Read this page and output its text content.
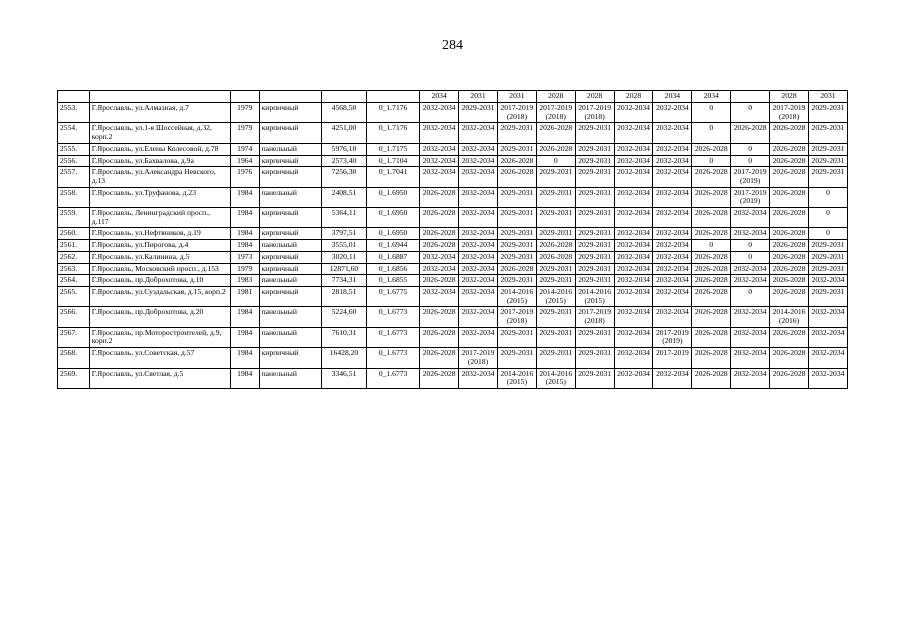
284
						2034	2031	2031	2028	2028	2028	2034	2034		2028	2031
2553.	Г.Ярославль, ул.Алмазная, д.7	1979	кирпичный	4568,50	0_1.7176	2032-2034	2029-2031	2017-2019 (2018)	2017-2019 (2018)	2017-2019 (2018)	2032-2034	2032-2034	0	0	2017-2019 (2018)	2029-2031
2554.	Г.Ярославль, ул.1-я Шоссейная, д.32, корп.2	1979	кирпичный	4251,00	0_1.7176	2032-2034	2032-2034	2029-2031	2026-2028	2029-2031	2032-2034	2032-2034	0	2026-2028	2026-2028	2029-2031
2555.	Г.Ярославль, ул.Елены Колесовой, д.78	1974	панельный	5976,10	0_1.7175	2032-2034	2032-2034	2029-2031	2026-2028	2029-2031	2032-2034	2032-2034	2026-2028	0	2026-2028	2029-2031
2556.	Г.Ярославль, ул.Бахвалова, д.9а	1964	кирпичный	2573,40	0_1.7104	2032-2034	2032-2034	2026-2028	0	2029-2031	2032-2034	2032-2034	0	0	2026-2028	2029-2031
2557.	Г.Ярославль, ул.Александра Невского, д.13	1976	кирпичный	7256,30	0_1.7041	2032-2034	2032-2034	2026-2028	2029-2031	2029-2031	2032-2034	2032-2034	2026-2028	2017-2019 (2019)	2026-2028	2029-2031
2558.	Г.Ярославль, ул.Труфанова, д.23	1984	панельный	2408,51	0_1.6950	2026-2028	2032-2034	2029-2031	2029-2031	2029-2031	2032-2034	2032-2034	2026-2028	2017-2019 (2019)	2026-2028	0
2559.	Г.Ярославль, Ленинградский просп., д.117	1984	кирпичный	5364,11	0_1.6950	2026-2028	2032-2034	2029-2031	2029-2031	2029-2031	2032-2034	2032-2034	2026-2028	2032-2034	2026-2028	0
2560.	Г.Ярославль, ул.Нефтяников, д.19	1984	кирпичный	3797,51	0_1.6950	2026-2028	2032-2034	2029-2031	2029-2031	2029-2031	2032-2034	2032-2034	2026-2028	2032-2034	2026-2028	0
2561.	Г.Ярославль, ул.Пирогова, д.4	1984	панельный	3555,01	0_1.6944	2026-2028	2032-2034	2029-2031	2026-2028	2029-2031	2032-2034	2032-2034	0	0	2026-2028	2029-2031
2562.	Г.Ярославль, ул.Калинина, д.5	1973	кирпичный	3020,11	0_1.6887	2032-2034	2032-2034	2029-2031	2026-2028	2029-2031	2032-2034	2032-2034	2026-2028	0	2026-2028	2029-2031
2563.	Г.Ярославль, Московский просп., д.153	1979	кирпичный	12871,60	0_1.6856	2032-2034	2032-2034	2026-2028	2029-2031	2029-2031	2032-2034	2032-2034	2026-2028	2032-2034	2026-2028	2029-2031
2564.	Г.Ярославль, пр.Доброхотова, д.10	1983	панельный	7734,31	0_1.6855	2026-2028	2032-2034	2029-2031	2029-2031	2029-2031	2032-2034	2032-2034	2026-2028	2032-2034	2026-2028	2032-2034
2565.	Г.Ярославль, ул.Суздальская, д.15, корп.2	1981	кирпичный	2818,51	0_1.6775	2032-2034	2032-2034	2014-2016 (2015)	2014-2016 (2015)	2014-2016 (2015)	2032-2034	2032-2034	2026-2028	0	2026-2028	2029-2031
2566.	Г.Ярославль, пр.Доброхотова, д.20	1984	панельный	5224,60	0_1.6773	2026-2028	2032-2034	2017-2019 (2018)	2029-2031	2017-2019 (2018)	2032-2034	2032-2034	2026-2028	2032-2034	2014-2016 (2016)	2032-2034
2567.	Г.Ярославль, пр.Моторостроителей, д.9, корп.2	1984	панельный	7610,31	0_1.6773	2026-2028	2032-2034	2029-2031	2029-2031	2029-2031	2032-2034	2017-2019 (2019)	2026-2028	2032-2034	2026-2028	2032-2034
2568.	Г.Ярославль, ул.Советская, д.57	1984	кирпичный	16428,20	0_1.6773	2026-2028	2017-2019 (2018)	2029-2031	2029-2031	2029-2031	2032-2034	2017-2019	2026-2028	2032-2034	2026-2028	2032-2034
2569.	Г.Ярославль, ул.Светлая, д.5	1984	панельный	3346,51	0_1.6773	2026-2028	2032-2034	2014-2016 (2015)	2014-2016 (2015)	2029-2031	2032-2034	2032-2034	2026-2028	2032-2034	2026-2028	2032-2034
